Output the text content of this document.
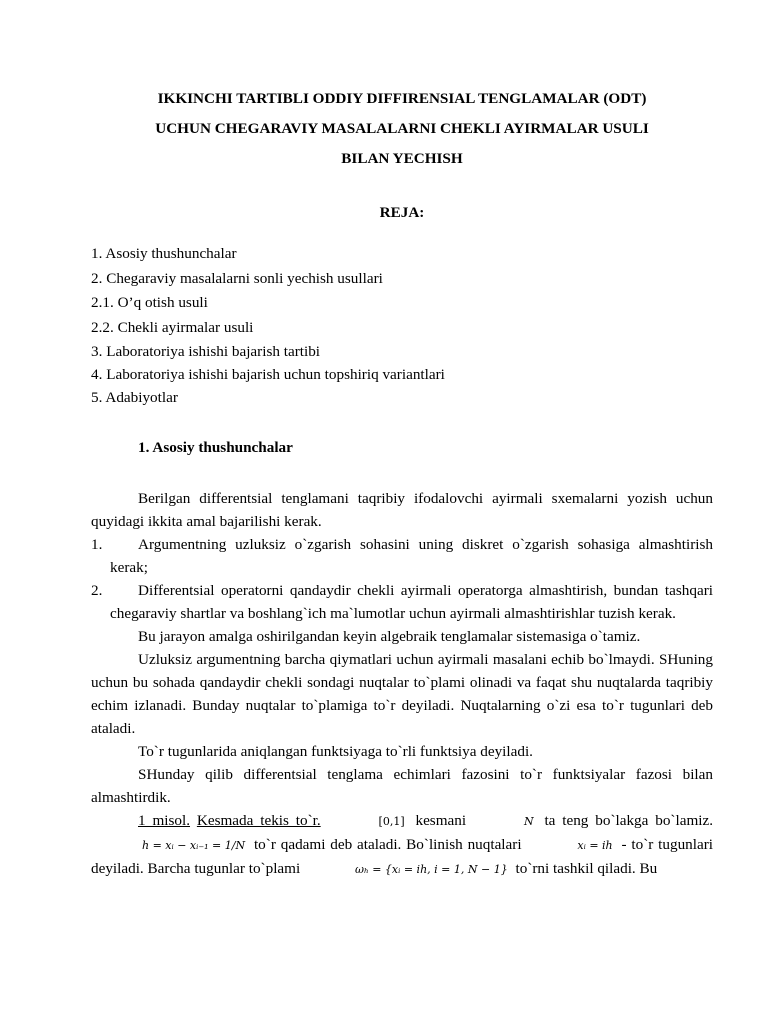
IKKINCHI TARTIBLI ODDIY DIFFIRENSIAL TENGLAMALAR (ODT)
UCHUN CHEGARAVIY MASALALARNI CHEKLI AYIRMALAR USULI
BILAN YECHISH
REJA:
1. Asosiy thushunchalar
2. Chegaraviy masalalarni sonli yechish usullari
2.1. O’q otish usuli
2.2. Chekli ayirmalar usuli
3. Laboratoriya ishishi bajarish tartibi
4. Laboratoriya ishishi bajarish uchun topshiriq variantlari
5. Adabiyotlar
1. Asosiy thushunchalar
Berilgan differentsial tenglamani taqribiy ifodalovchi ayirmali sxemalarni yozish uchun quyidagi ikkita amal bajarilishi kerak.
1. Argumentning uzluksiz o`zgarish sohasini uning diskret o`zgarish sohasiga almashtirish kerak;
2. Differentsial operatorni qandaydir chekli ayirmali operatorga almashtirish, bundan tashqari chegaraviy shartlar va boshlang`ich ma`lumotlar uchun ayirmali almashtirishlar tuzish kerak.
Bu jarayon amalga oshirilgandan keyin algebraik tenglamalar sistemasiga o`tamiz.
Uzluksiz argumentning barcha qiymatlari uchun ayirmali masalani echib bo`lmaydi. SHuning uchun bu sohada qandaydir chekli sondagi nuqtalar to`plami olinadi va faqat shu nuqtalarda taqribiy echim izlanadi. Bunday nuqtalar to`plamiga to`r deyiladi. Nuqtalarning o`zi esa to`r tugunlari deb ataladi.
To`r tugunlarida aniqlangan funktsiyaga to`rli funktsiya deyiladi.
SHunday qilib differentsial tenglama echimlari fazosini to`r funktsiyalar fazosi bilan almashtirdik.
1 misol. Kesmada tekis to`r.	[0,1] kesmani	N ta teng bo`lakga bo`lamiz. h = xᵢ − xᵢ₋₁ = 1/N to`r qadami deb ataladi. Bo`linish nuqtalari	xᵢ = ih - to`r tugunlari deyiladi. Barcha tugunlar to`plami	ωₕ = {xᵢ = ih, i = 1, N − 1} to`rni tashkil qiladi. Bu
